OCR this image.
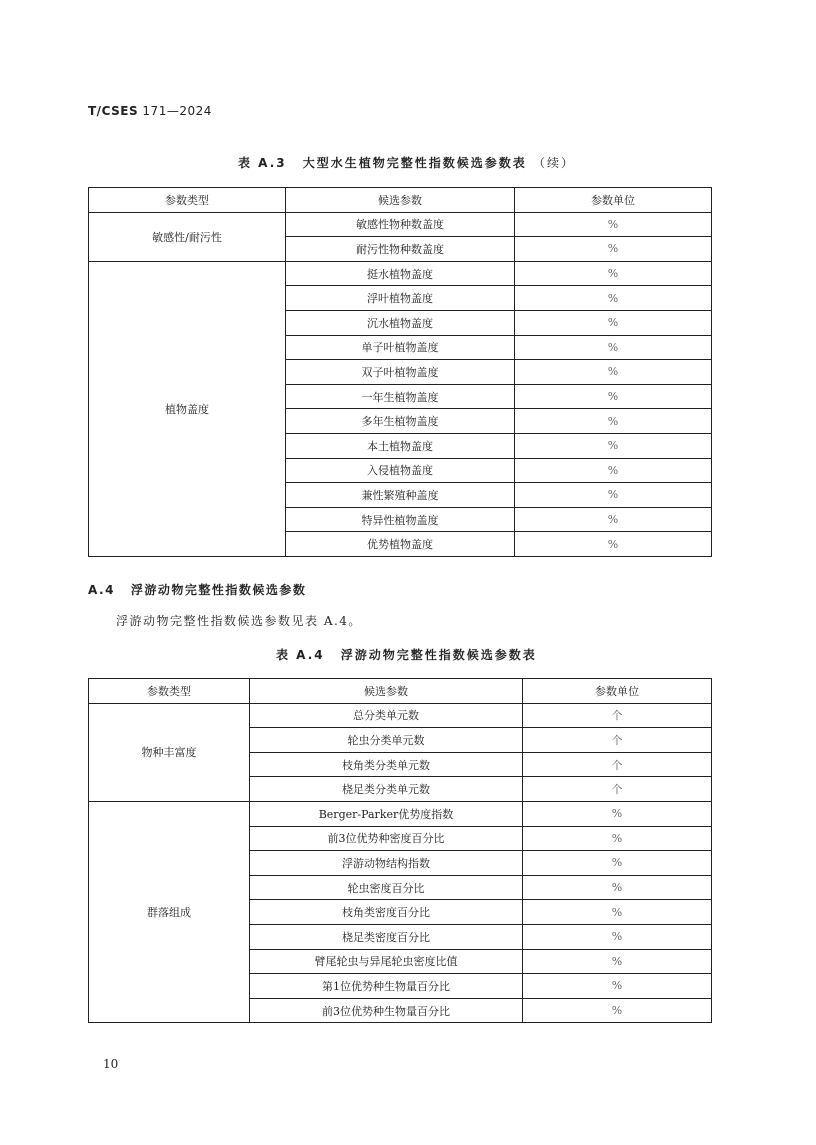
T/CSES 171—2024
表 A.3 大型水生植物完整性指数候选参数表 （续）
参数类型	候选参数	参数单位
敏感性/耐污性	敏感性物种数盖度	%
	耐污性物种数盖度	%
植物盖度	挺水植物盖度	%
	浮叶植物盖度	%
	沉水植物盖度	%
	单子叶植物盖度	%
	双子叶植物盖度	%
	一年生植物盖度	%
	多年生植物盖度	%
	本土植物盖度	%
	入侵植物盖度	%
	兼性繁殖种盖度	%
	特异性植物盖度	%
	优势植物盖度	%
A.4 浮游动物完整性指数候选参数
浮游动物完整性指数候选参数见表 A.4。
表 A.4 浮游动物完整性指数候选参数表
参数类型	候选参数	参数单位
物种丰富度	总分类单元数	个
	轮虫分类单元数	个
	枝角类分类单元数	个
	桡足类分类单元数	个
群落组成	Berger-Parker优势度指数	%
	前3位优势种密度百分比	%
	浮游动物结构指数	%
	轮虫密度百分比	%
	枝角类密度百分比	%
	桡足类密度百分比	%
	臂尾轮虫与异尾轮虫密度比值	%
	第1位优势种生物量百分比	%
	前3位优势种生物量百分比	%
10
